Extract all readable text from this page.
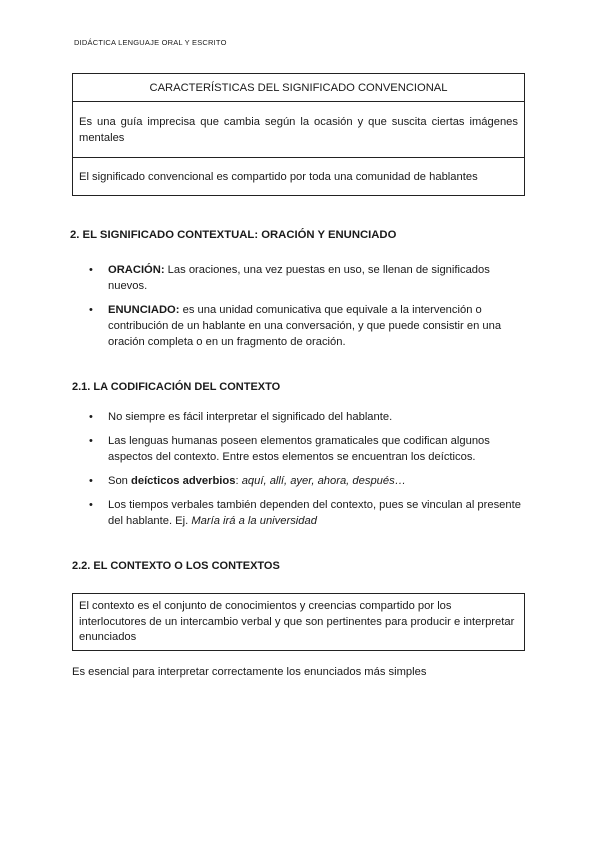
DIDÁCTICA LENGUAJE ORAL Y ESCRITO
CARACTERÍSTICAS DEL SIGNIFICADO CONVENCIONAL
Es una guía imprecisa que cambia según la ocasión y que suscita ciertas imágenes mentales
El significado convencional es compartido por toda una comunidad de hablantes
2. EL SIGNIFICADO CONTEXTUAL: ORACIÓN Y ENUNCIADO
• ORACIÓN: Las oraciones, una vez puestas en uso, se llenan de significados nuevos.
• ENUNCIADO: es una unidad comunicativa que equivale a la intervención o contribución de un hablante en una conversación, y que puede consistir en una oración completa o en un fragmento de oración.
2.1. LA CODIFICACIÓN DEL CONTEXTO
• No siempre es fácil interpretar el significado del hablante.
• Las lenguas humanas poseen elementos gramaticales que codifican algunos aspectos del contexto. Entre estos elementos se encuentran los deícticos.
• Son deícticos adverbios: aquí, allí, ayer, ahora, después…
• Los tiempos verbales también dependen del contexto, pues se vinculan al presente del hablante. Ej. María irá a la universidad
2.2. EL CONTEXTO O LOS CONTEXTOS
El contexto es el conjunto de conocimientos y creencias compartido por los interlocutores de un intercambio verbal y que son pertinentes para producir e interpretar enunciados
Es esencial para interpretar correctamente los enunciados más simples
